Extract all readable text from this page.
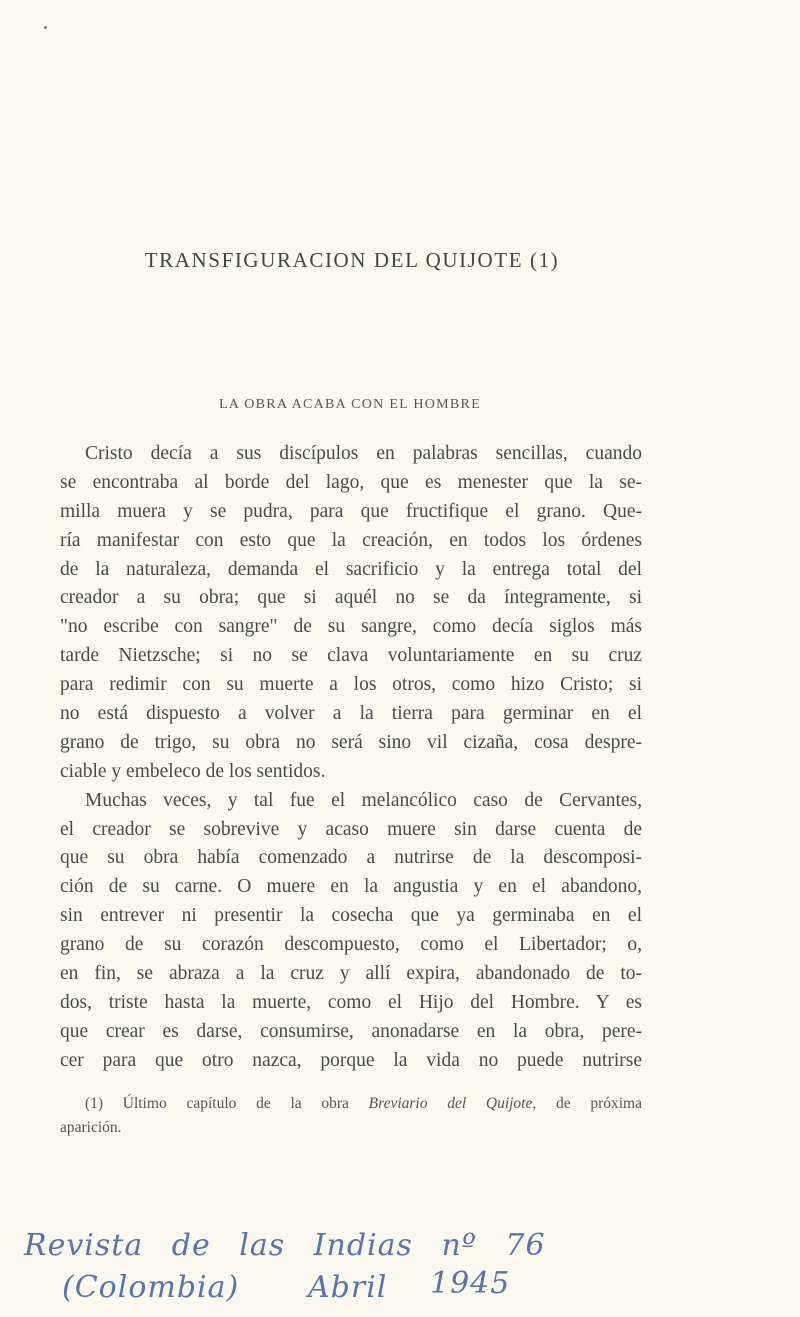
TRANSFIGURACION DEL QUIJOTE (1)
LA OBRA ACABA CON EL HOMBRE
Cristo decía a sus discípulos en palabras sencillas, cuando
se encontraba al borde del lago, que es menester que la se-
milla muera y se pudra, para que fructifique el grano. Que-
ría manifestar con esto que la creación, en todos los órdenes
de la naturaleza, demanda el sacrificio y la entrega total del
creador a su obra; que si aquél no se da íntegramente, si
"no escribe con sangre" de su sangre, como decía siglos más
tarde Nietzsche; si no se clava voluntariamente en su cruz
para redimir con su muerte a los otros, como hizo Cristo; si
no está dispuesto a volver a la tierra para germinar en el
grano de trigo, su obra no será sino vil cizaña, cosa despre-
ciable y embeleco de los sentidos.
Muchas veces, y tal fue el melancólico caso de Cervantes,
el creador se sobrevive y acaso muere sin darse cuenta de
que su obra había comenzado a nutrirse de la descomposi-
ción de su carne. O muere en la angustia y en el abandono,
sin entrever ni presentir la cosecha que ya germinaba en el
grano de su corazón descompuesto, como el Libertador; o,
en fin, se abraza a la cruz y allí expira, abandonado de to-
dos, triste hasta la muerte, como el Hijo del Hombre. Y es
que crear es darse, consumirse, anonadarse en la obra, pere-
cer para que otro nazca, porque la vida no puede nutrirse
(1) Último capítulo de la obra Breviario del Quijote, de próxima
aparición.
Revista de las Indias nº 76
(Colombia) Abril 1945
